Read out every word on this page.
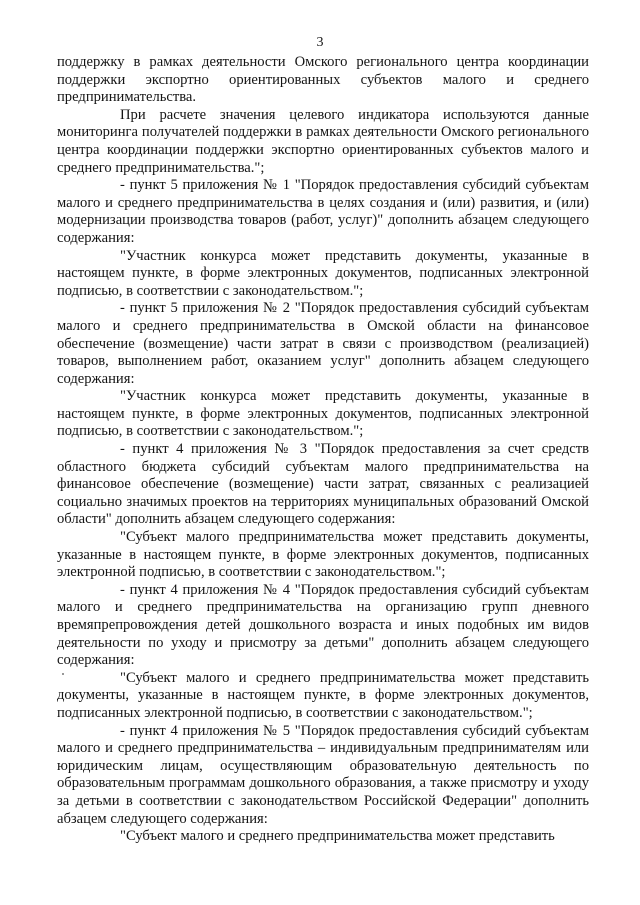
3

поддержку в рамках деятельности Омского регионального центра координации поддержки экспортно ориентированных субъектов малого и среднего предпринимательства.

При расчете значения целевого индикатора используются данные мониторинга получателей поддержки в рамках деятельности Омского регионального центра координации поддержки экспортно ориентированных субъектов малого и среднего предпринимательства.";

- пункт 5 приложения № 1 "Порядок предоставления субсидий субъектам малого и среднего предпринимательства в целях создания и (или) развития, и (или) модернизации производства товаров (работ, услуг)" дополнить абзацем следующего содержания:

"Участник конкурса может представить документы, указанные в настоящем пункте, в форме электронных документов, подписанных электронной подписью, в соответствии с законодательством.";

- пункт 5 приложения № 2 "Порядок предоставления субсидий субъектам малого и среднего предпринимательства в Омской области на финансовое обеспечение (возмещение) части затрат в связи с производством (реализацией) товаров, выполнением работ, оказанием услуг" дополнить абзацем следующего содержания:

"Участник конкурса может представить документы, указанные в настоящем пункте, в форме электронных документов, подписанных электронной подписью, в соответствии с законодательством.";

- пункт 4 приложения № 3 "Порядок предоставления за счет средств областного бюджета субсидий субъектам малого предпринимательства на финансовое обеспечение (возмещение) части затрат, связанных с реализацией социально значимых проектов на территориях муниципальных образований Омской области" дополнить абзацем следующего содержания:

"Субъект малого предпринимательства может представить документы, указанные в настоящем пункте, в форме электронных документов, подписанных электронной подписью, в соответствии с законодательством.";

- пункт 4 приложения № 4 "Порядок предоставления субсидий субъектам малого и среднего предпринимательства на организацию групп дневного времяпрепровождения детей дошкольного возраста и иных подобных им видов деятельности по уходу и присмотру за детьми" дополнить абзацем следующего содержания:

"Субъект малого и среднего предпринимательства может представить документы, указанные в настоящем пункте, в форме электронных документов, подписанных электронной подписью, в соответствии с законодательством.";

- пункт 4 приложения № 5 "Порядок предоставления субсидий субъектам малого и среднего предпринимательства – индивидуальным предпринимателям или юридическим лицам, осуществляющим образовательную деятельность по образовательным программам дошкольного образования, а также присмотру и уходу за детьми в соответствии с законодательством Российской Федерации" дополнить абзацем следующего содержания:

"Субъект малого и среднего предпринимательства может представить
